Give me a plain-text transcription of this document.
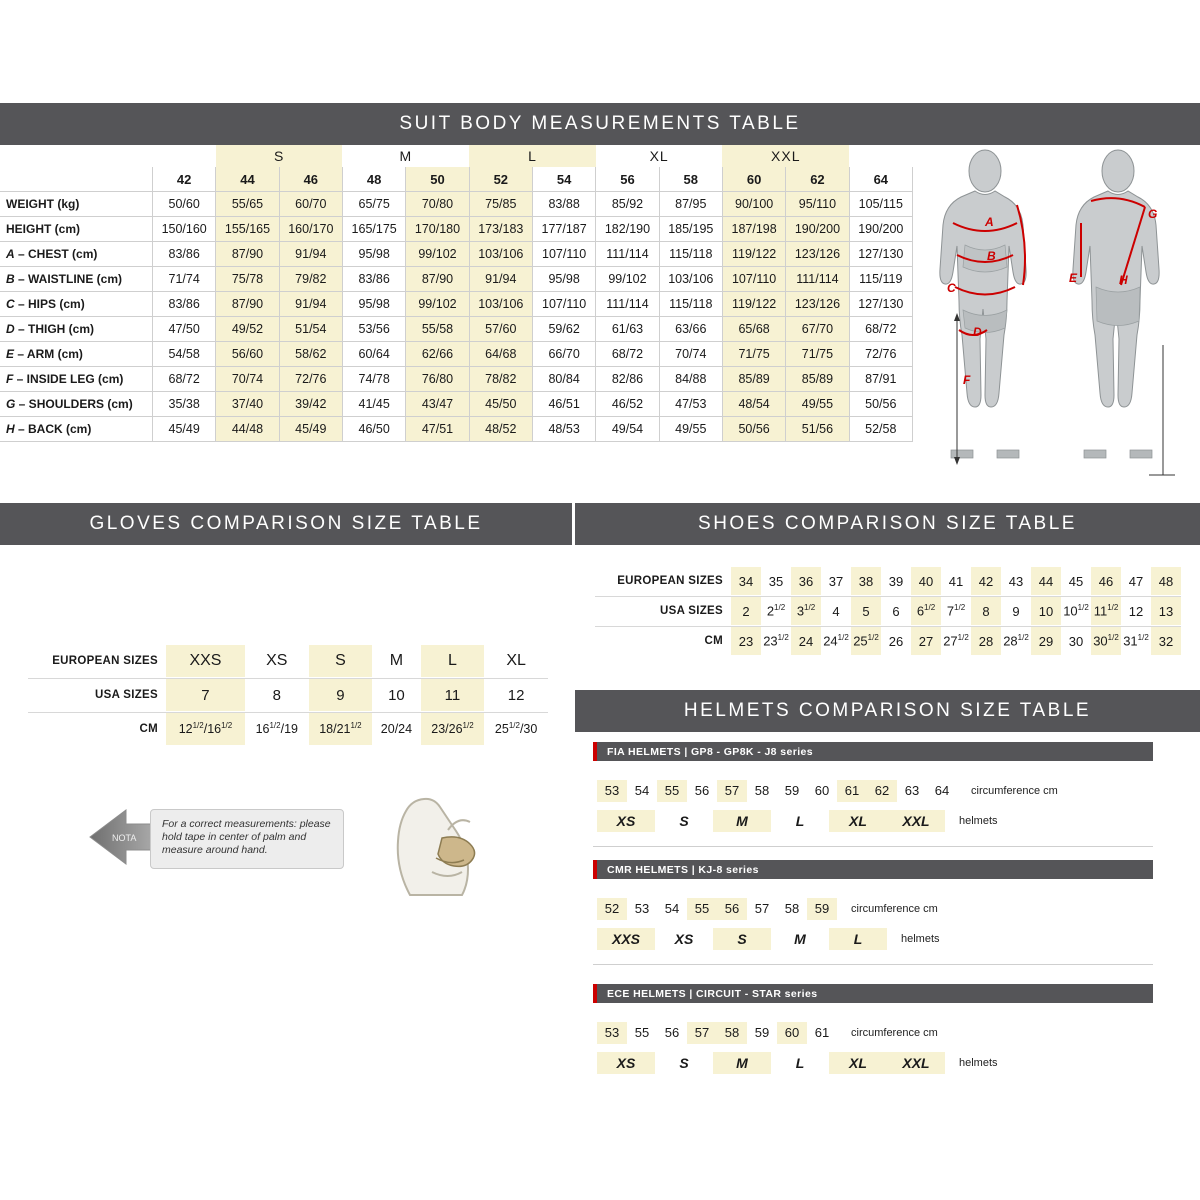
SUIT BODY MEASUREMENTS TABLE
		S		M		L		XL		XXL		
	42	44	46	48	50	52	54	56	58	60	62	64
WEIGHT (kg)	50/60	55/65	60/70	65/75	70/80	75/85	83/88	85/92	87/95	90/100	95/110	105/115
HEIGHT (cm)	150/160	155/165	160/170	165/175	170/180	173/183	177/187	182/190	185/195	187/198	190/200	190/200
A – CHEST (cm)	83/86	87/90	91/94	95/98	99/102	103/106	107/110	111/114	115/118	119/122	123/126	127/130
B – WAISTLINE (cm)	71/74	75/78	79/82	83/86	87/90	91/94	95/98	99/102	103/106	107/110	111/114	115/119
C – HIPS (cm)	83/86	87/90	91/94	95/98	99/102	103/106	107/110	111/114	115/118	119/122	123/126	127/130
D – THIGH (cm)	47/50	49/52	51/54	53/56	55/58	57/60	59/62	61/63	63/66	65/68	67/70	68/72
E – ARM (cm)	54/58	56/60	58/62	60/64	62/66	64/68	66/70	68/72	70/74	71/75	71/75	72/76
F – INSIDE LEG (cm)	68/72	70/74	72/76	74/78	76/80	78/82	80/84	82/86	84/88	85/89	85/89	87/91
G – SHOULDERS (cm)	35/38	37/40	39/42	41/45	43/47	45/50	46/51	46/52	47/53	48/54	49/55	50/56
H – BACK (cm)	45/49	44/48	45/49	46/50	47/51	48/52	48/53	49/54	49/55	50/56	51/56	52/58
A
B
C
D
F
E
G
H
GLOVES COMPARISON SIZE TABLE
EUROPEAN SIZES	XXS	XS	S	M	L	XL

USA SIZES	7	8	9	10	11	12

CM	$12^{1/2}/16^{1/2}$	$16^{1/2}/19$	$18/21^{1/2}$	20/24	$23/26^{1/2}$	$25^{1/2}/30$
NOTA
For a correct measurements: please hold tape in center of palm and measure around hand.
SHOES COMPARISON SIZE TABLE
EUROPEAN SIZES	34	35	36	37	38	39	40	41	42	43	44	45	46	47	48

USA SIZES	2	$2^{1/2}$	$3^{1/2}$	4	5	6	$6^{1/2}$	$7^{1/2}$	8	9	10	$10^{1/2}$	$11^{1/2}$	12	13

CM	23	$23^{1/2}$	24	$24^{1/2}$	$25^{1/2}$	26	27	$27^{1/2}$	28	$28^{1/2}$	29	30	$30^{1/2}$	$31^{1/2}$	32
HELMETS COMPARISON SIZE TABLE
FIA HELMETS | GP8 - GP8K - J8 series
53	54	55	56	57	58	59	60	61	62	63	64	circumference cm
XS	S	M	L	XL	XXL	helmets
CMR HELMETS | KJ-8 series
52	53	54	55	56	57	58	59	circumference cm
XXS	XS	S	M	L	helmets
ECE HELMETS | CIRCUIT - STAR series
53	55	56	57	58	59	60	61	circumference cm
XS	S	M	L	XL	XXL	helmets
